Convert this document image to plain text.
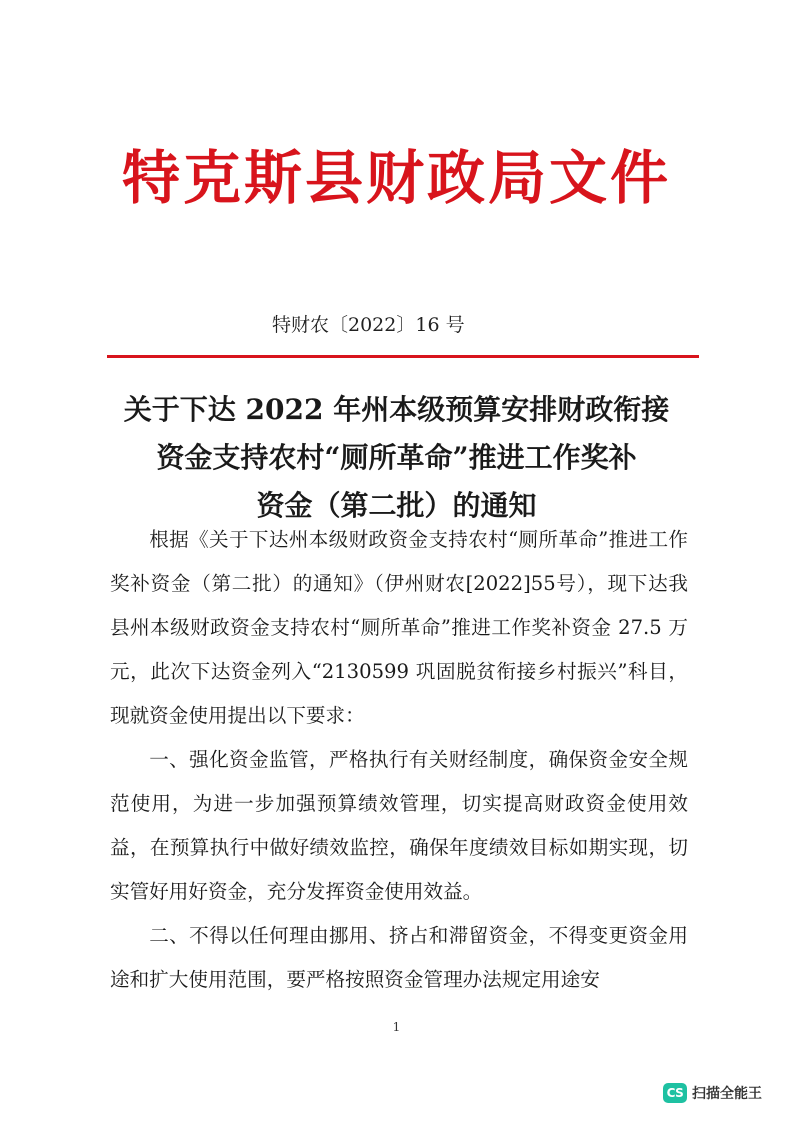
特克斯县财政局文件
特财农〔2022〕16 号
关于下达 2022 年州本级预算安排财政衔接
资金支持农村“厕所革命”推进工作奖补
资金（第二批）的通知

根据《关于下达州本级财政资金支持农村“厕所革命”推进工作奖补资金（第二批）的通知》（伊州财农[2022]55号），现下达我县州本级财政资金支持农村“厕所革命”推进工作奖补资金 27.5 万元，此次下达资金列入“2130599 巩固脱贫衔接乡村振兴”科目，现就资金使用提出以下要求：

一、强化资金监管，严格执行有关财经制度，确保资金安全规范使用，为进一步加强预算绩效管理，切实提高财政资金使用效益，在预算执行中做好绩效监控，确保年度绩效目标如期实现，切实管好用好资金，充分发挥资金使用效益。

二、不得以任何理由挪用、挤占和滞留资金，不得变更资金用途和扩大使用范围，要严格按照资金管理办法规定用途安

1
CS 扫描全能王
